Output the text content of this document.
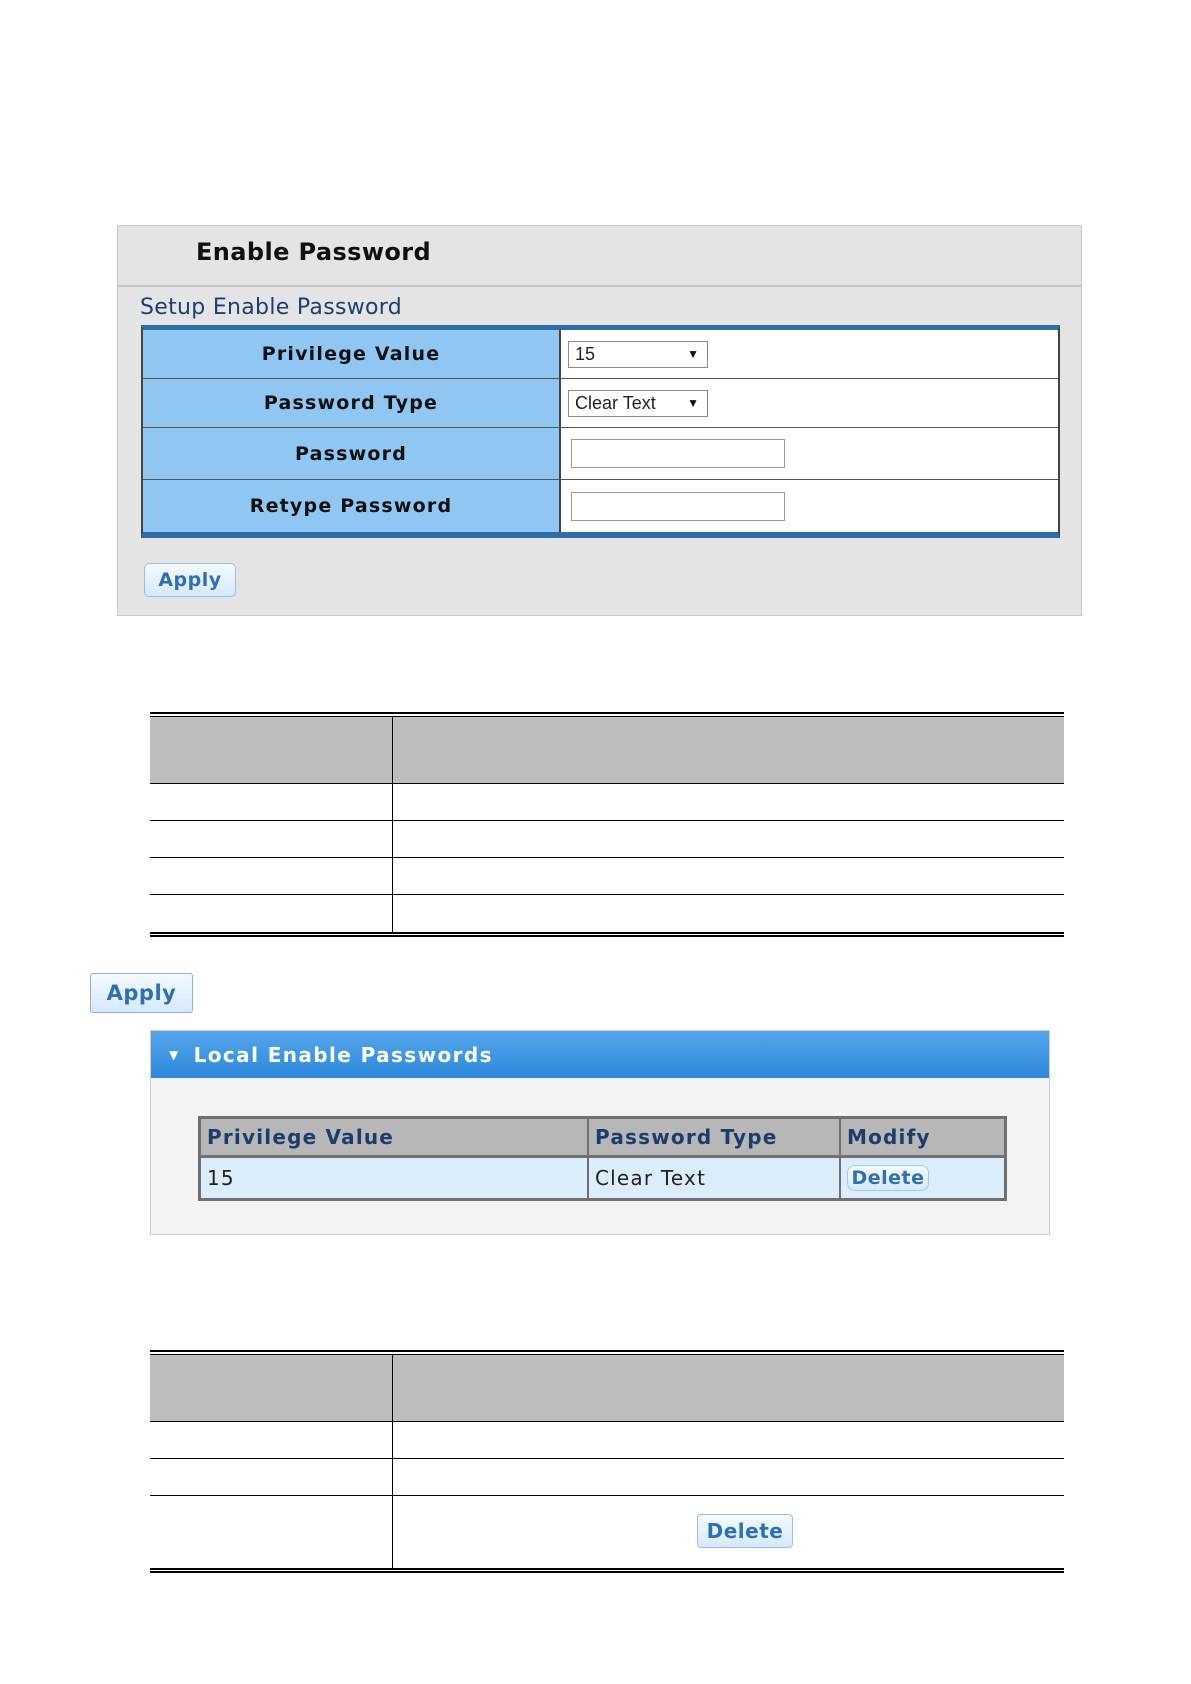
Enable Password
Setup Enable Password
Privilege Value	15	▼
Password Type	Clear Text	▼
Password
Retype Password
Apply
Apply
▼ Local Enable Passwords
Privilege Value	Password Type	Modify
15	Clear Text	Delete
Delete
